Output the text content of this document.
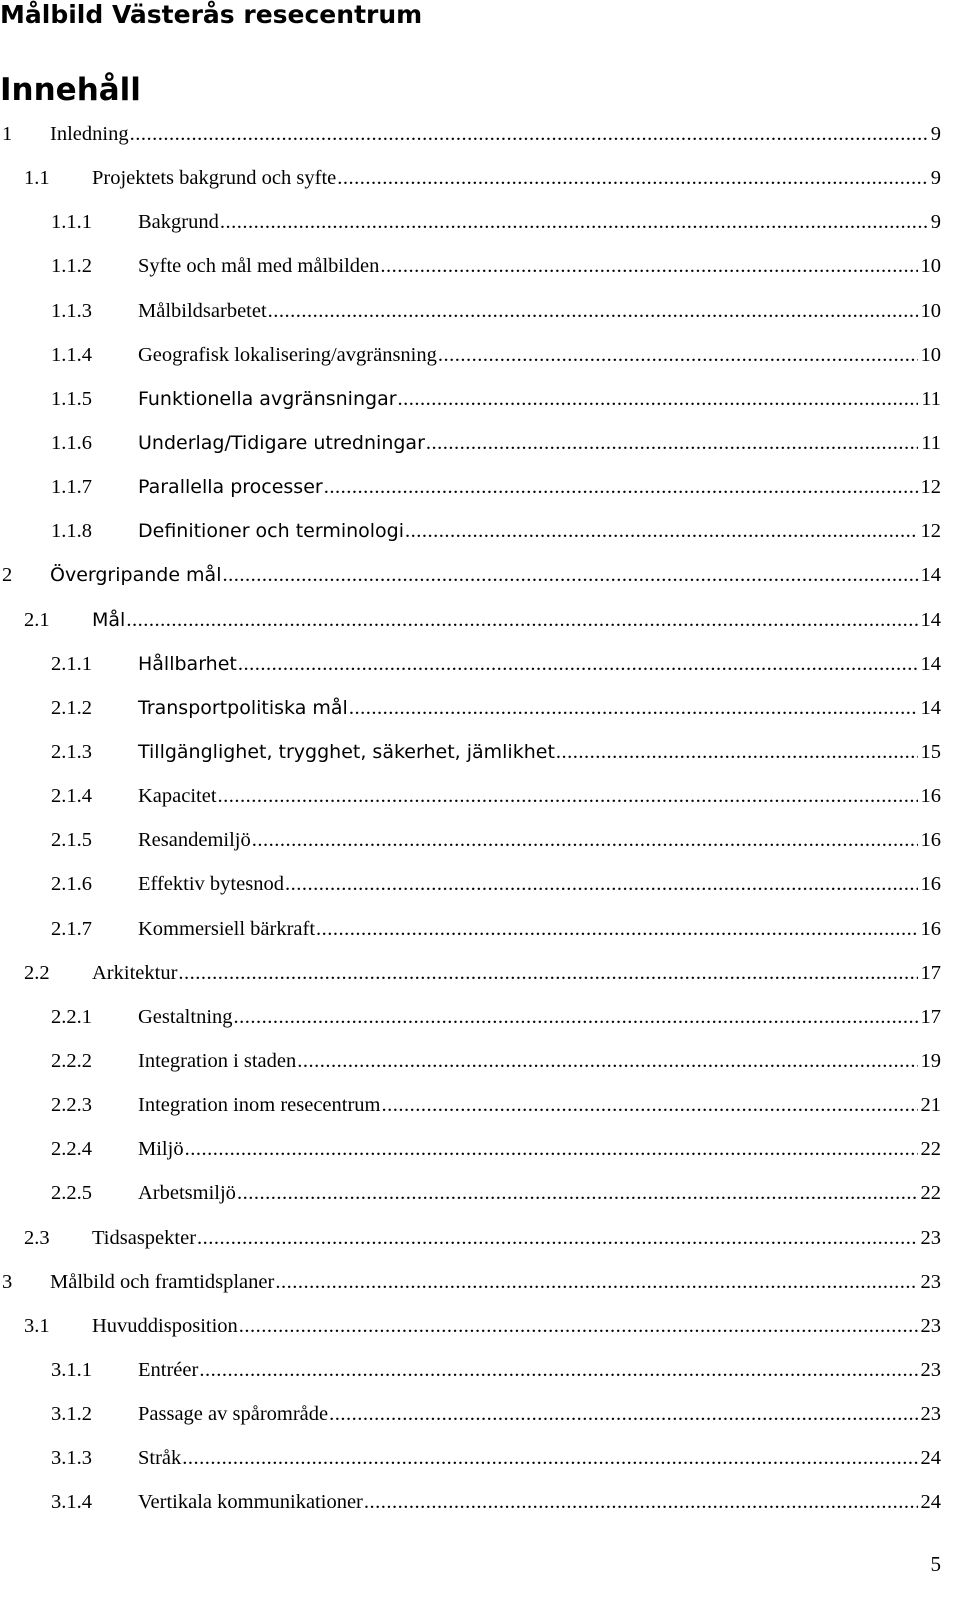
Målbild Västerås resecentrum
Innehåll
1 Inledning .....	9
1.1 Projektets bakgrund och syfte .....	9
1.1.1 Bakgrund .....	9
1.1.2 Syfte och mål med målbilden .....	10
1.1.3 Målbildsarbetet .....	10
1.1.4 Geografisk lokalisering/avgränsning .....	10
1.1.5 Funktionella avgränsningar .....	11
1.1.6 Underlag/Tidigare utredningar .....	11
1.1.7 Parallella processer .....	12
1.1.8 Definitioner och terminologi .....	12
2 Övergripande mål .....	14
2.1 Mål .....	14
2.1.1 Hållbarhet .....	14
2.1.2 Transportpolitiska mål .....	14
2.1.3 Tillgänglighet, trygghet, säkerhet, jämlikhet .....	15
2.1.4 Kapacitet .....	16
2.1.5 Resandemiljö .....	16
2.1.6 Effektiv bytesnod .....	16
2.1.7 Kommersiell bärkraft .....	16
2.2 Arkitektur .....	17
2.2.1 Gestaltning .....	17
2.2.2 Integration i staden .....	19
2.2.3 Integration inom resecentrum .....	21
2.2.4 Miljö .....	22
2.2.5 Arbetsmiljö .....	22
2.3 Tidsaspekter .....	23
3 Målbild och framtidsplaner .....	23
3.1 Huvuddisposition .....	23
3.1.1 Entréer .....	23
3.1.2 Passage av spårområde .....	23
3.1.3 Stråk .....	24
3.1.4 Vertikala kommunikationer .....	24
5
